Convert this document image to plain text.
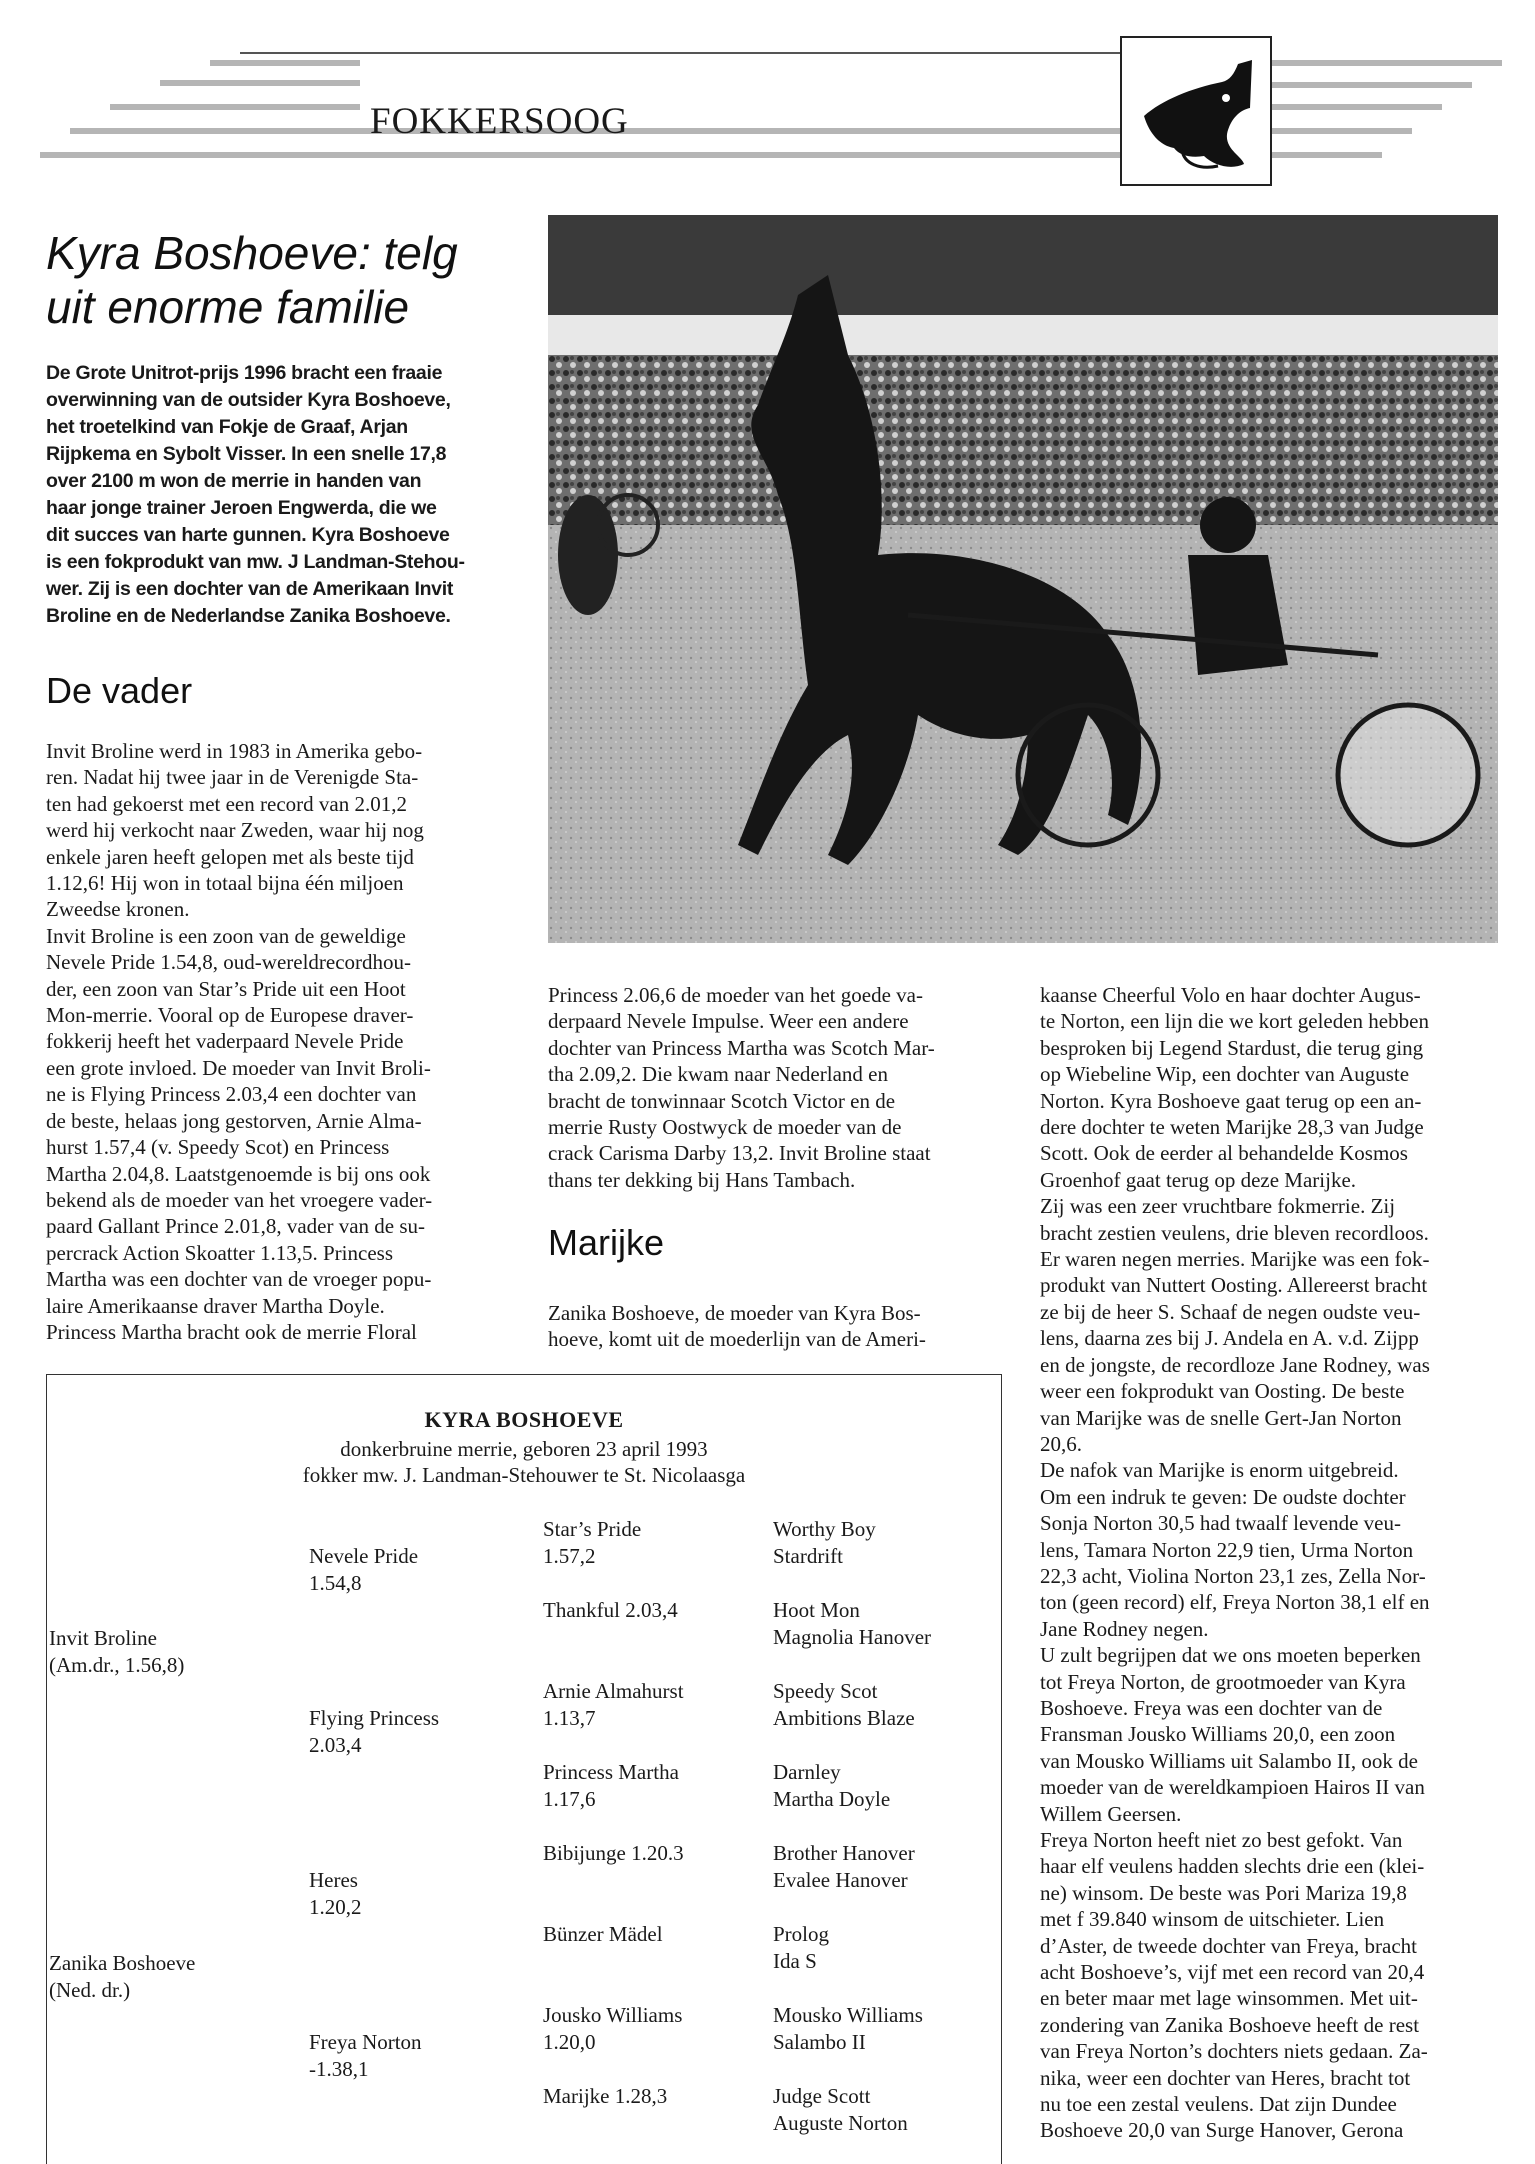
FOKKERSOOG
Kyra Boshoeve: telg
uit enorme familie
De Grote Unitrot-prijs 1996 bracht een fraaie
overwinning van de outsider Kyra Boshoeve,
het troetelkind van Fokje de Graaf, Arjan
Rijpkema en Sybolt Visser. In een snelle 17,8
over 2100 m won de merrie in handen van
haar jonge trainer Jeroen Engwerda, die we
dit succes van harte gunnen. Kyra Boshoeve
is een fokprodukt van mw. J Landman-Stehou-
wer. Zij is een dochter van de Amerikaan Invit
Broline en de Nederlandse Zanika Boshoeve.
De vader
Invit Broline werd in 1983 in Amerika gebo-
ren. Nadat hij twee jaar in de Verenigde Sta-
ten had gekoerst met een record van 2.01,2
werd hij verkocht naar Zweden, waar hij nog
enkele jaren heeft gelopen met als beste tijd
1.12,6! Hij won in totaal bijna één miljoen
Zweedse kronen.
Invit Broline is een zoon van de geweldige
Nevele Pride 1.54,8, oud-wereldrecordhou-
der, een zoon van Star’s Pride uit een Hoot
Mon-merrie. Vooral op de Europese draver-
fokkerij heeft het vaderpaard Nevele Pride
een grote invloed. De moeder van Invit Broli-
ne is Flying Princess 2.03,4 een dochter van
de beste, helaas jong gestorven, Arnie Alma-
hurst 1.57,4 (v. Speedy Scot) en Princess
Martha 2.04,8. Laatstgenoemde is bij ons ook
bekend als de moeder van het vroegere vader-
paard Gallant Prince 2.01,8, vader van de su-
percrack Action Skoatter 1.13,5. Princess
Martha was een dochter van de vroeger popu-
laire Amerikaanse draver Martha Doyle.
Princess Martha bracht ook de merrie Floral
Princess 2.06,6 de moeder van het goede va-
derpaard Nevele Impulse. Weer een andere
dochter van Princess Martha was Scotch Mar-
tha 2.09,2. Die kwam naar Nederland en
bracht de tonwinnaar Scotch Victor en de
merrie Rusty Oostwyck de moeder van de
crack Carisma Darby 13,2. Invit Broline staat
thans ter dekking bij Hans Tambach.
Marijke
Zanika Boshoeve, de moeder van Kyra Bos-
hoeve, komt uit de moederlijn van de Ameri-
kaanse Cheerful Volo en haar dochter Augus-
te Norton, een lijn die we kort geleden hebben
besproken bij Legend Stardust, die terug ging
op Wiebeline Wip, een dochter van Auguste
Norton. Kyra Boshoeve gaat terug op een an-
dere dochter te weten Marijke 28,3 van Judge
Scott. Ook de eerder al behandelde Kosmos
Groenhof gaat terug op deze Marijke.
Zij was een zeer vruchtbare fokmerrie. Zij
bracht zestien veulens, drie bleven recordloos.
Er waren negen merries. Marijke was een fok-
produkt van Nuttert Oosting. Allereerst bracht
ze bij de heer S. Schaaf de negen oudste veu-
lens, daarna zes bij J. Andela en A. v.d. Zijpp
en de jongste, de recordloze Jane Rodney, was
weer een fokprodukt van Oosting. De beste
van Marijke was de snelle Gert-Jan Norton
20,6.
De nafok van Marijke is enorm uitgebreid.
Om een indruk te geven: De oudste dochter
Sonja Norton 30,5 had twaalf levende veu-
lens, Tamara Norton 22,9 tien, Urma Norton
22,3 acht, Violina Norton 23,1 zes, Zella Nor-
ton (geen record) elf, Freya Norton 38,1 elf en
Jane Rodney negen.
U zult begrijpen dat we ons moeten beperken
tot Freya Norton, de grootmoeder van Kyra
Boshoeve. Freya was een dochter van de
Fransman Jousko Williams 20,0, een zoon
van Mousko Williams uit Salambo II, ook de
moeder van de wereldkampioen Hairos II van
Willem Geersen.
Freya Norton heeft niet zo best gefokt. Van
haar elf veulens hadden slechts drie een (klei-
ne) winsom. De beste was Pori Mariza 19,8
met f 39.840 winsom de uitschieter. Lien
d’Aster, de tweede dochter van Freya, bracht
acht Boshoeve’s, vijf met een record van 20,4
en beter maar met lage winsommen. Met uit-
zondering van Zanika Boshoeve heeft de rest
van Freya Norton’s dochters niets gedaan. Za-
nika, weer een dochter van Heres, bracht tot
nu toe een zestal veulens. Dat zijn Dundee
Boshoeve 20,0 van Surge Hanover, Gerona
KYRA BOSHOEVE
donkerbruine merrie, geboren 23 april 1993
fokker mw. J. Landman-Stehouwer te St. Nicolaasga
Invit Broline
(Am.dr., 1.56,8)
Zanika Boshoeve
(Ned. dr.)
Nevele Pride
1.54,8
Flying Princess
2.03,4
Heres
1.20,2
Freya Norton
-1.38,1
Star’s Pride
1.57,2
Thankful 2.03,4
Arnie Almahurst
1.13,7
Princess Martha
1.17,6
Bibijunge 1.20.3
Bünzer Mädel
Jousko Williams
1.20,0
Marijke 1.28,3
Worthy Boy
Stardrift
Hoot Mon
Magnolia Hanover
Speedy Scot
Ambitions Blaze
Darnley
Martha Doyle
Brother Hanover
Evalee Hanover
Prolog
Ida S
Mousko Williams
Salambo II
Judge Scott
Auguste Norton
